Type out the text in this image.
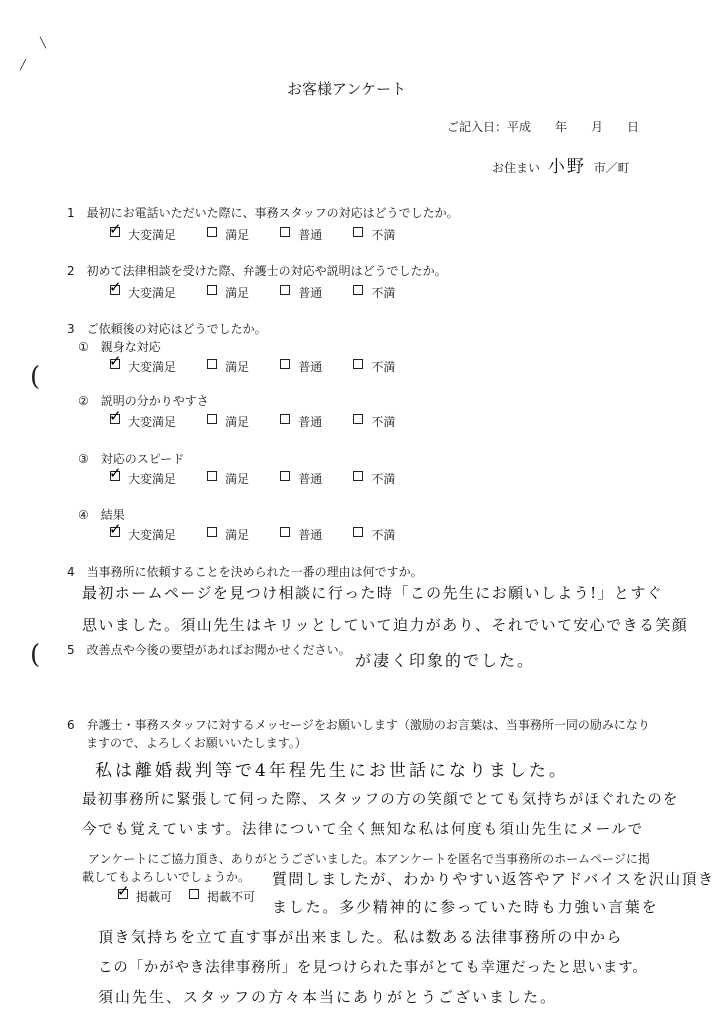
╲
╱
(
(
お客様アンケート
ご記入日：平成　　年　　月　　日
お住まい 小野 市／町
1　最初にお電話いただいた際に、事務スタッフの対応はどうでしたか。
✓ 大変満足	満足	普通	不満
2　初めて法律相談を受けた際、弁護士の対応や説明はどうでしたか。
✓ 大変満足	満足	普通	不満
3　ご依頼後の対応はどうでしたか。
①　親身な対応
✓ 大変満足	満足	普通	不満
②　説明の分かりやすさ
✓ 大変満足	満足	普通	不満
③　対応のスピード
✓ 大変満足	満足	普通	不満
④　結果
✓ 大変満足	満足	普通	不満
4　当事務所に依頼することを決められた一番の理由は何ですか。
最初ホームページを見つけ相談に行った時「この先生にお願いしよう!」とすぐ
思いました。須山先生はキリッとしていて迫力があり、それでいて安心できる笑顔
5　改善点や今後の要望があればお聞かせください。
が凄く印象的でした。
6　弁護士・事務スタッフに対するメッセージをお願いします（激励のお言葉は、当事務所一同の励みになり
ますので、よろしくお願いいたします。）
私は離婚裁判等で4年程先生にお世話になりました。
最初事務所に緊張して伺った際、スタッフの方の笑顔でとても気持ちがほぐれたのを
今でも覚えています。法律について全く無知な私は何度も須山先生にメールで
アンケートにご協力頂き、ありがとうございました。本アンケートを匿名で当事務所のホームページに掲
載してもよろしいでしょうか。
✓ 掲載可	掲載不可
質問しましたが、わかりやすい返答やアドバイスを沢山頂き
ました。多少精神的に参っていた時も力強い言葉を
頂き気持ちを立て直す事が出来ました。私は数ある法律事務所の中から
この「かがやき法律事務所」を見つけられた事がとても幸運だったと思います。
須山先生、スタッフの方々本当にありがとうございました。
